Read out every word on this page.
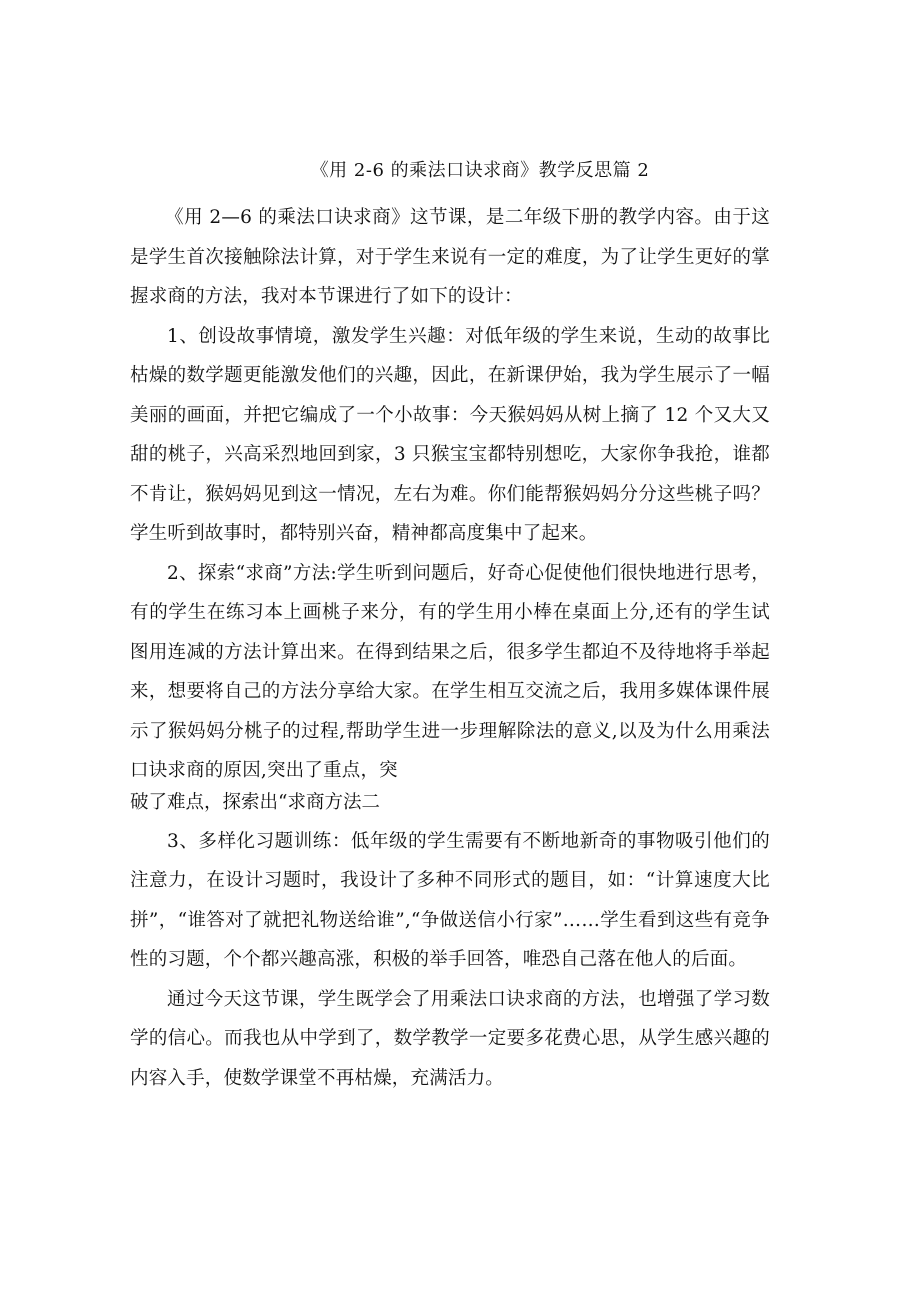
《用 2-6 的乘法口诀求商》教学反思篇 2

《用 2—6 的乘法口诀求商》这节课，是二年级下册的教学内容。由于这是学生首次接触除法计算，对于学生来说有一定的难度，为了让学生更好的掌握求商的方法，我对本节课进行了如下的设计：

1、创设故事情境，激发学生兴趣：对低年级的学生来说，生动的故事比枯燥的数学题更能激发他们的兴趣，因此，在新课伊始，我为学生展示了一幅美丽的画面，并把它编成了一个小故事：今天猴妈妈从树上摘了 12 个又大又甜的桃子，兴高采烈地回到家，3 只猴宝宝都特别想吃，大家你争我抢，谁都不肯让，猴妈妈见到这一情况，左右为难。你们能帮猴妈妈分分这些桃子吗？学生听到故事时，都特别兴奋，精神都高度集中了起来。

2、探索“求商”方法:学生听到问题后，好奇心促使他们很快地进行思考，有的学生在练习本上画桃子来分，有的学生用小棒在桌面上分,还有的学生试图用连减的方法计算出来。在得到结果之后，很多学生都迫不及待地将手举起来，想要将自己的方法分享给大家。在学生相互交流之后，我用多媒体课件展示了猴妈妈分桃子的过程,帮助学生进一步理解除法的意义,以及为什么用乘法口诀求商的原因,突出了重点，突

破了难点，探索出“求商方法二

3、多样化习题训练：低年级的学生需要有不断地新奇的事物吸引他们的注意力，在设计习题时，我设计了多种不同形式的题目，如：“计算速度大比拼”，“谁答对了就把礼物送给谁”,“争做送信小行家”……学生看到这些有竞争性的习题，个个都兴趣高涨，积极的举手回答，唯恐自己落在他人的后面。

通过今天这节课，学生既学会了用乘法口诀求商的方法，也增强了学习数学的信心。而我也从中学到了，数学教学一定要多花费心思，从学生感兴趣的内容入手，使数学课堂不再枯燥，充满活力。
